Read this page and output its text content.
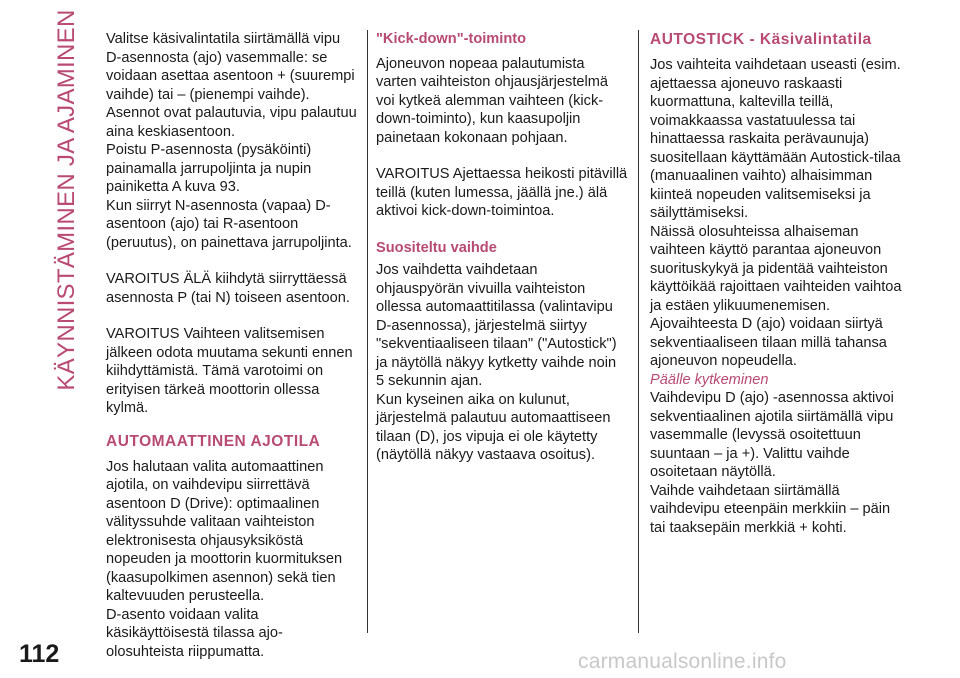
KÄYNNISTÄMINEN JA AJAMINEN Valitse käsivalintatila siirtämällä vipu D-asennosta (ajo) vasemmalle: se voidaan asettaa asentoon + (suurempi vaihde) tai – (pienempi vaihde). Asennot ovat palautuvia, vipu palautuu aina keskiasentoon.

Poistu P-asennosta (pysäköinti) painamalla jarrupoljinta ja nupin painiketta A kuva 93.

Kun siirryt N-asennosta (vapaa) D-asentoon (ajo) tai R-asentoon (peruutus), on painettava jarrupoljinta.

VAROITUS ÄLÄ kiihdytä siirryttäessä asennosta P (tai N) toiseen asentoon.

VAROITUS Vaihteen valitsemisen jälkeen odota muutama sekunti ennen kiihdyttämistä. Tämä varotoimi on erityisen tärkeä moottorin ollessa kylmä.

AUTOMAATTINEN AJOTILA

Jos halutaan valita automaattinen ajotila, on vaihdevipu siirrettävä asentoon D (Drive): optimaalinen välityssuhde valitaan vaihteiston elektronisesta ohjausyksiköstä nopeuden ja moottorin kuormituksen (kaasupolkimen asennon) sekä tien kaltevuuden perusteella.

D-asento voidaan valita käsikäyttöisestä tilassa ajo-olosuhteista riippumatta.

"Kick-down"-toiminto

Ajoneuvon nopeaa palautumista varten vaihteiston ohjausjärjestelmä voi kytkeä alemman vaihteen (kick-down-toiminto), kun kaasupoljin painetaan kokonaan pohjaan.

VAROITUS Ajettaessa heikosti pitävillä teillä (kuten lumessa, jäällä jne.) älä aktivoi kick-down-toimintoa.

Suositeltu vaihde

Jos vaihdetta vaihdetaan ohjauspyörän vivuilla vaihteiston ollessa automaattitilassa (valintavipu D-asennossa), järjestelmä siirtyy "sekventiaaliseen tilaan" ("Autostick") ja näytöllä näkyy kytketty vaihde noin 5 sekunnin ajan.

Kun kyseinen aika on kulunut, järjestelmä palautuu automaattiseen tilaan (D), jos vipuja ei ole käytetty (näytöllä näkyy vastaava osoitus).

AUTOSTICK - Käsivalintatila

Jos vaihteita vaihdetaan useasti (esim. ajettaessa ajoneuvo raskaasti kuormattuna, kaltevilla teillä, voimakkaassa vastatuulessa tai hinattaessa raskaita perävaunuja) suositellaan käyttämään Autostick-tilaa (manuaalinen vaihto) alhaisimman kiinteä nopeuden valitsemiseksi ja säilyttämiseksi.

Näissä olosuhteissa alhaiseman vaihteen käyttö parantaa ajoneuvon suorituskykyä ja pidentää vaihteiston käyttöikää rajoittaen vaihteiden vaihtoa ja estäen ylikuumenemisen.

Ajovaihteesta D (ajo) voidaan siirtyä sekventiaaliseen tilaan millä tahansa ajoneuvon nopeudella.

Päälle kytkeminen

Vaihdevipu D (ajo) -asennossa aktivoi sekventiaalinen ajotila siirtämällä vipu vasemmalle (levyssä osoitettuun suuntaan – ja +). Valittu vaihde osoitetaan näytöllä.

Vaihde vaihdetaan siirtämällä vaihdevipu eteenpäin merkkiin – päin tai taaksepäin merkkiä + kohti.

112	carmanualsonline.info
